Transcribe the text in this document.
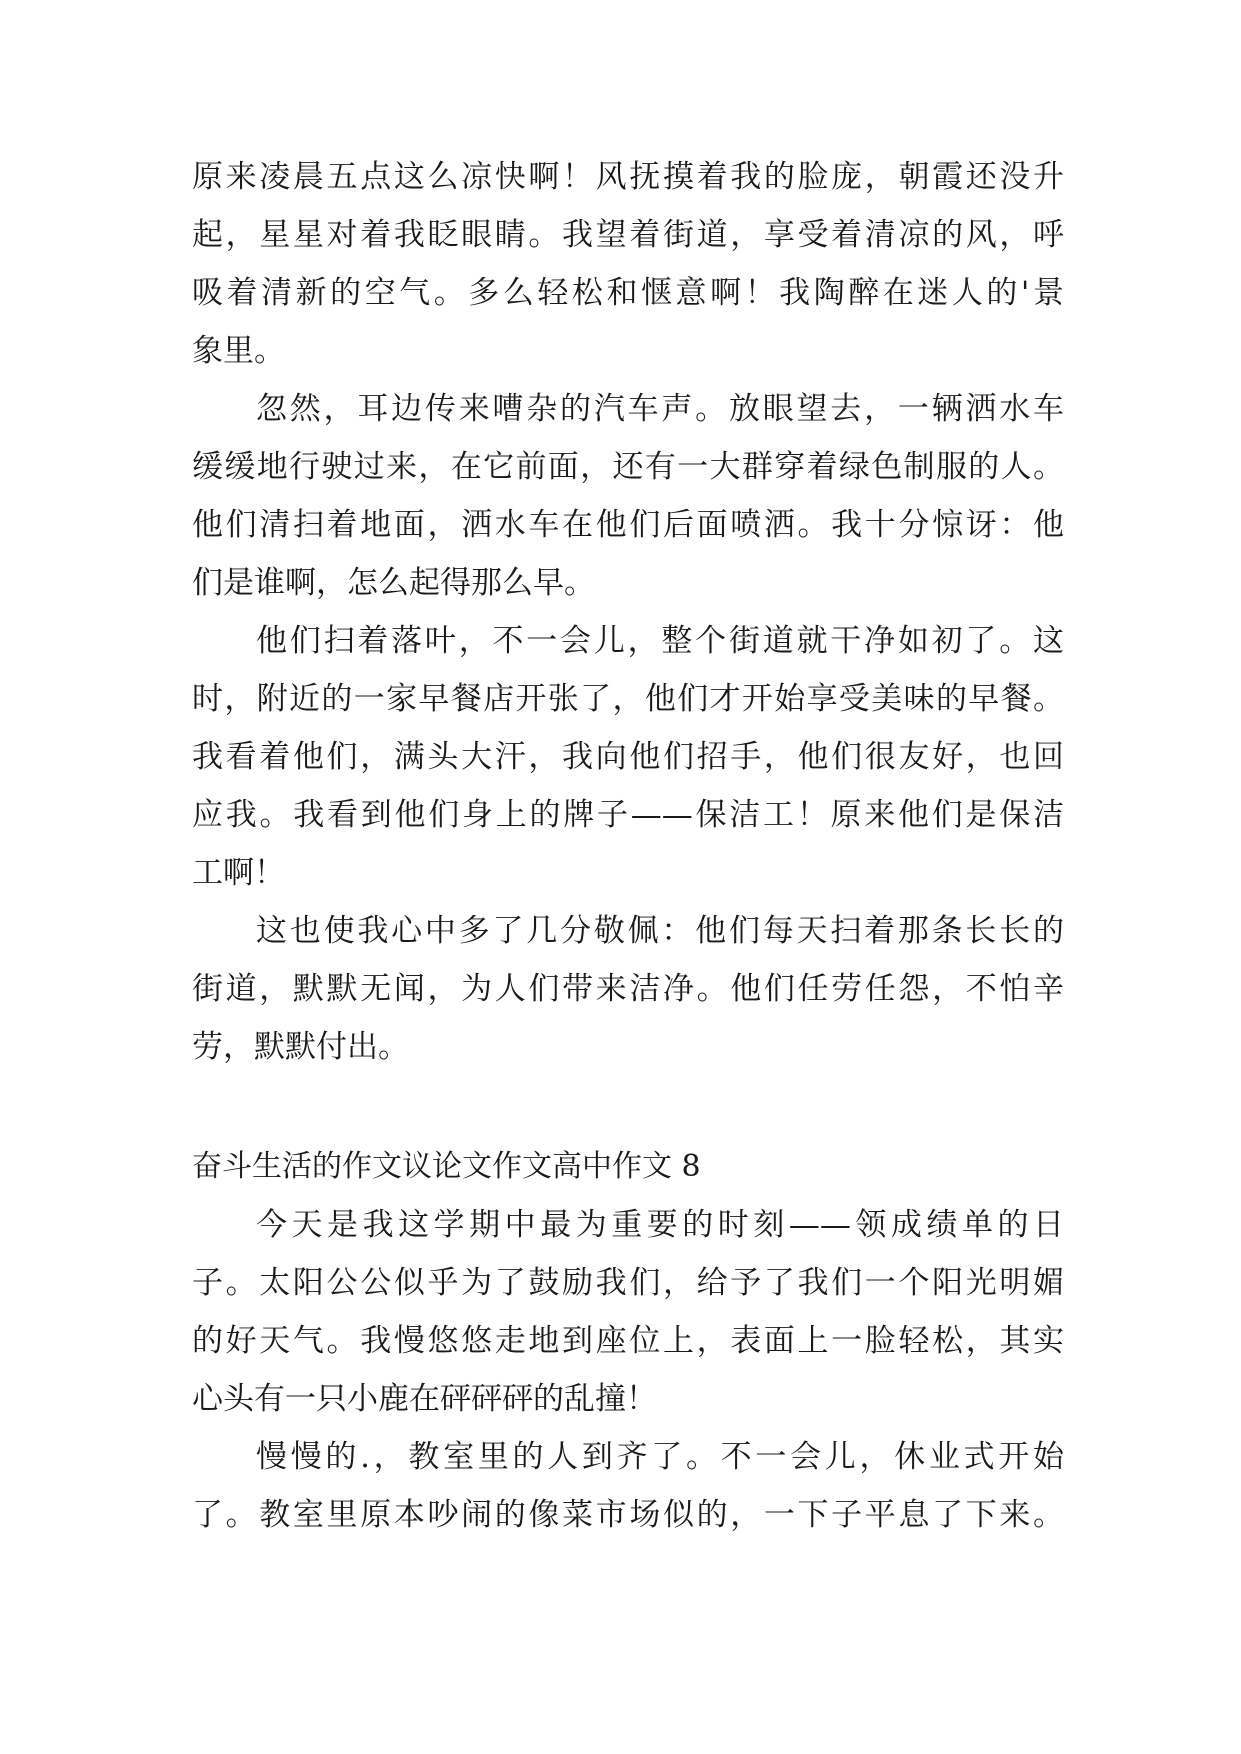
原来凌晨五点这么凉快啊！风抚摸着我的脸庞，朝霞还没升
起，星星对着我眨眼睛。我望着街道，享受着清凉的风，呼
吸着清新的空气。多么轻松和惬意啊！我陶醉在迷人的'景
象里。
忽然，耳边传来嘈杂的汽车声。放眼望去，一辆洒水车
缓缓地行驶过来，在它前面，还有一大群穿着绿色制服的人。
他们清扫着地面，洒水车在他们后面喷洒。我十分惊讶：他
们是谁啊，怎么起得那么早。
他们扫着落叶，不一会儿，整个街道就干净如初了。这
时，附近的一家早餐店开张了，他们才开始享受美味的早餐。
我看着他们，满头大汗，我向他们招手，他们很友好，也回
应我。我看到他们身上的牌子——保洁工！原来他们是保洁
工啊！
这也使我心中多了几分敬佩：他们每天扫着那条长长的
街道，默默无闻，为人们带来洁净。他们任劳任怨，不怕辛
劳，默默付出。
奋斗生活的作文议论文作文高中作文 8
今天是我这学期中最为重要的时刻——领成绩单的日
子。太阳公公似乎为了鼓励我们，给予了我们一个阳光明媚
的好天气。我慢悠悠走地到座位上，表面上一脸轻松，其实
心头有一只小鹿在砰砰砰的乱撞！
慢慢的.，教室里的人到齐了。不一会儿，休业式开始
了。教室里原本吵闹的像菜市场似的，一下子平息了下来。
